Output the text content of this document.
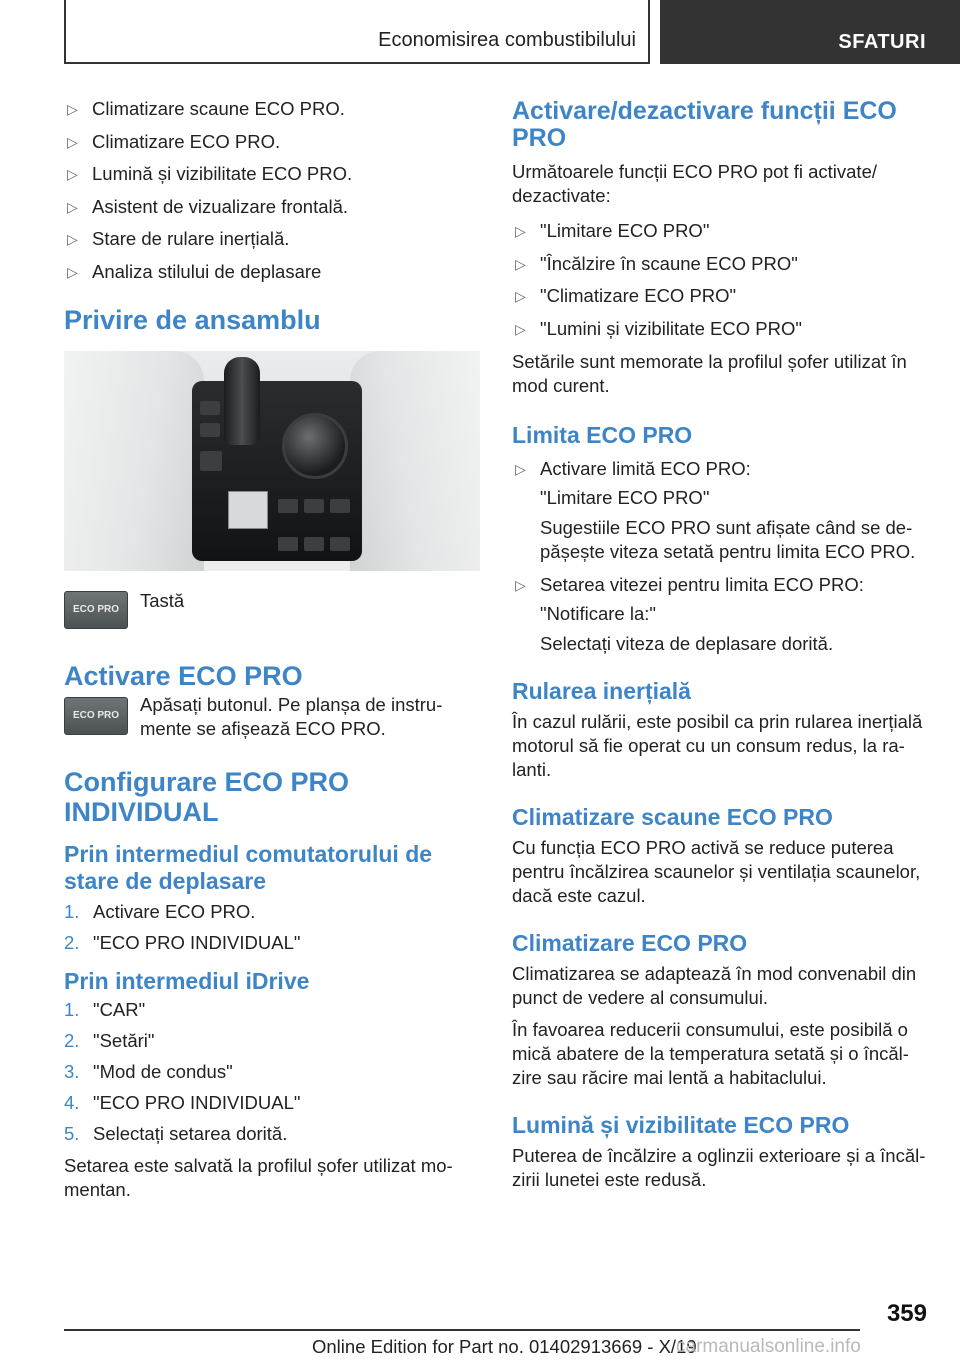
Economisirea combustibilului	SFATURI
▷ Climatizare scaune ECO PRO.
▷ Climatizare ECO PRO.
▷ Lumină și vizibilitate ECO PRO.
▷ Asistent de vizualizare frontală.
▷ Stare de rulare inerțială.
▷ Analiza stilului de deplasare
Privire de ansamblu
ECO PRO	Tastă

Activare ECO PRO
ECO PRO

Apăsați butonul. Pe planșa de instrumente se afișează ECO PRO.

Configurare ECO PRO
INDIVIDUAL
Prin intermediul comutatorului de
stare de deplasare
1. Activare ECO PRO.
2. "ECO PRO INDIVIDUAL"
Prin intermediul iDrive
1. "CAR"
2. "Setări"
3. "Mod de condus"
4. "ECO PRO INDIVIDUAL"
5. Selectați setarea dorită.

Setarea este salvată la profilul șofer utilizat momentan.

Activare/dezactivare funcții ECO
PRO

Următoarele funcții ECO PRO pot fi activate/ dezactivate:

▷ "Limitare ECO PRO"
▷ "Încălzire în scaune ECO PRO"
▷ "Climatizare ECO PRO"
▷ "Lumini și vizibilitate ECO PRO"

Setările sunt memorate la profilul șofer utilizat în mod curent.

Limita ECO PRO
▷ Activare limită ECO PRO:
"Limitare ECO PRO"
Sugestiile ECO PRO sunt afișate când se depășește viteza setată pentru limita ECO PRO.
▷ Setarea vitezei pentru limita ECO PRO:
"Notificare la:"
Selectați viteza de deplasare dorită.
Rularea inerțială

În cazul rulării, este posibil ca prin rularea inerțială motorul să fie operat cu un consum redus, la ralanti.

Climatizare scaune ECO PRO

Cu funcția ECO PRO activă se reduce puterea pentru încălzirea scaunelor și ventilația scaunelor, dacă este cazul.

Climatizare ECO PRO

Climatizarea se adaptează în mod convenabil din punct de vedere al consumului.

În favoarea reducerii consumului, este posibilă o mică abatere de la temperatura setată și o încălzire sau răcire mai lentă a habitaclului.

Lumină și vizibilitate ECO PRO

Puterea de încălzire a oglinzii exterioare și a încălzirii lunetei este redusă.

359
Online Edition for Part no. 01402913669 - X/19
carmanualsonline.info
